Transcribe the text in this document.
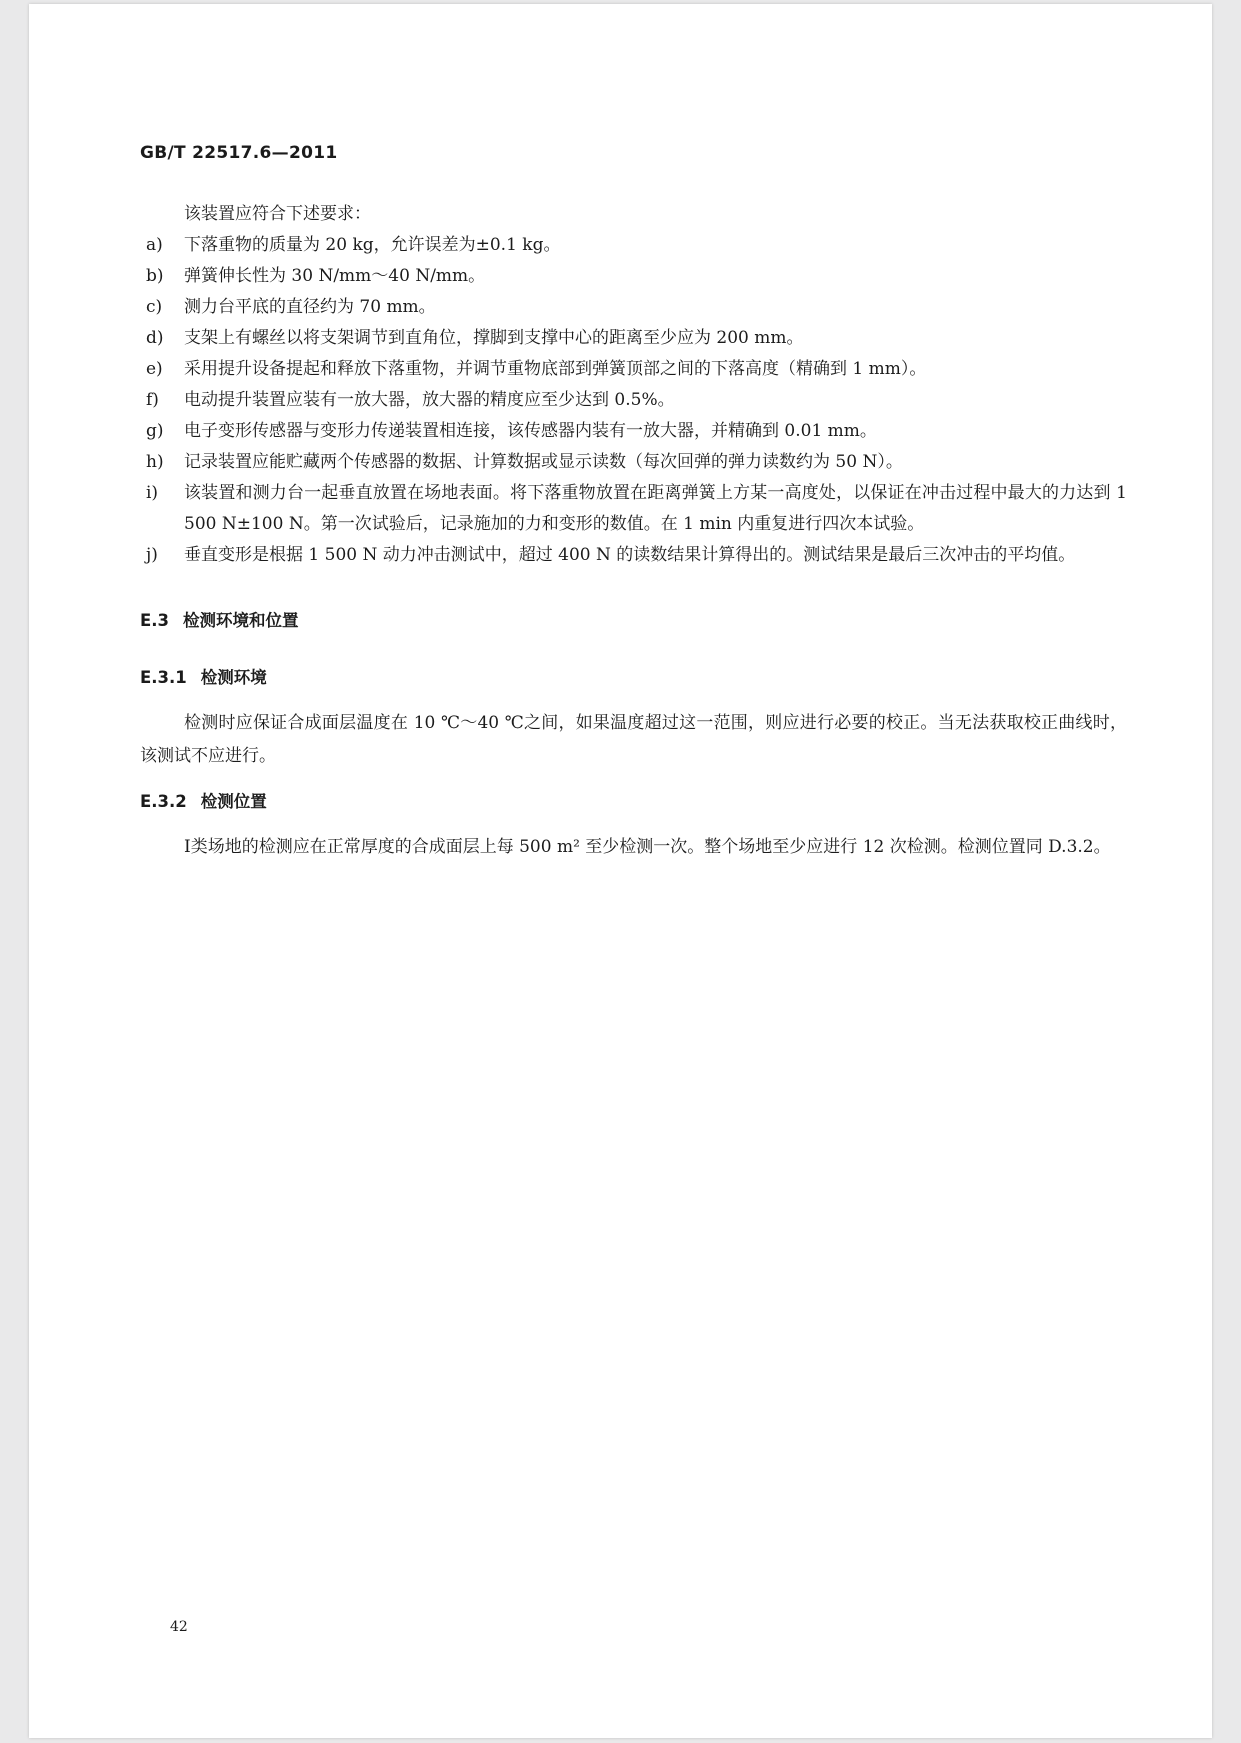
GB/T 22517.6—2011
该装置应符合下述要求：
a)	下落重物的质量为 20 kg，允许误差为±0.1 kg。
b)	弹簧伸长性为 30 N/mm～40 N/mm。
c)	测力台平底的直径约为 70 mm。
d)	支架上有螺丝以将支架调节到直角位，撑脚到支撑中心的距离至少应为 200 mm。
e)	采用提升设备提起和释放下落重物，并调节重物底部到弹簧顶部之间的下落高度（精确到 1 mm）。
f)	电动提升装置应装有一放大器，放大器的精度应至少达到 0.5%。
g)	电子变形传感器与变形力传递装置相连接，该传感器内装有一放大器，并精确到 0.01 mm。
h)	记录装置应能贮藏两个传感器的数据、计算数据或显示读数（每次回弹的弹力读数约为 50 N）。
i)	该装置和测力台一起垂直放置在场地表面。将下落重物放置在距离弹簧上方某一高度处，以保证在冲击过程中最大的力达到 1 500 N±100 N。第一次试验后，记录施加的力和变形的数值。在 1 min 内重复进行四次本试验。
j)	垂直变形是根据 1 500 N 动力冲击测试中，超过 400 N 的读数结果计算得出的。测试结果是最后三次冲击的平均值。
E.3 检测环境和位置
E.3.1 检测环境

检测时应保证合成面层温度在 10 ℃～40 ℃之间，如果温度超过这一范围，则应进行必要的校正。当无法获取校正曲线时，该测试不应进行。

E.3.2 检测位置

Ⅰ类场地的检测应在正常厚度的合成面层上每 500 m² 至少检测一次。整个场地至少应进行 12 次检测。检测位置同 D.3.2。

42
